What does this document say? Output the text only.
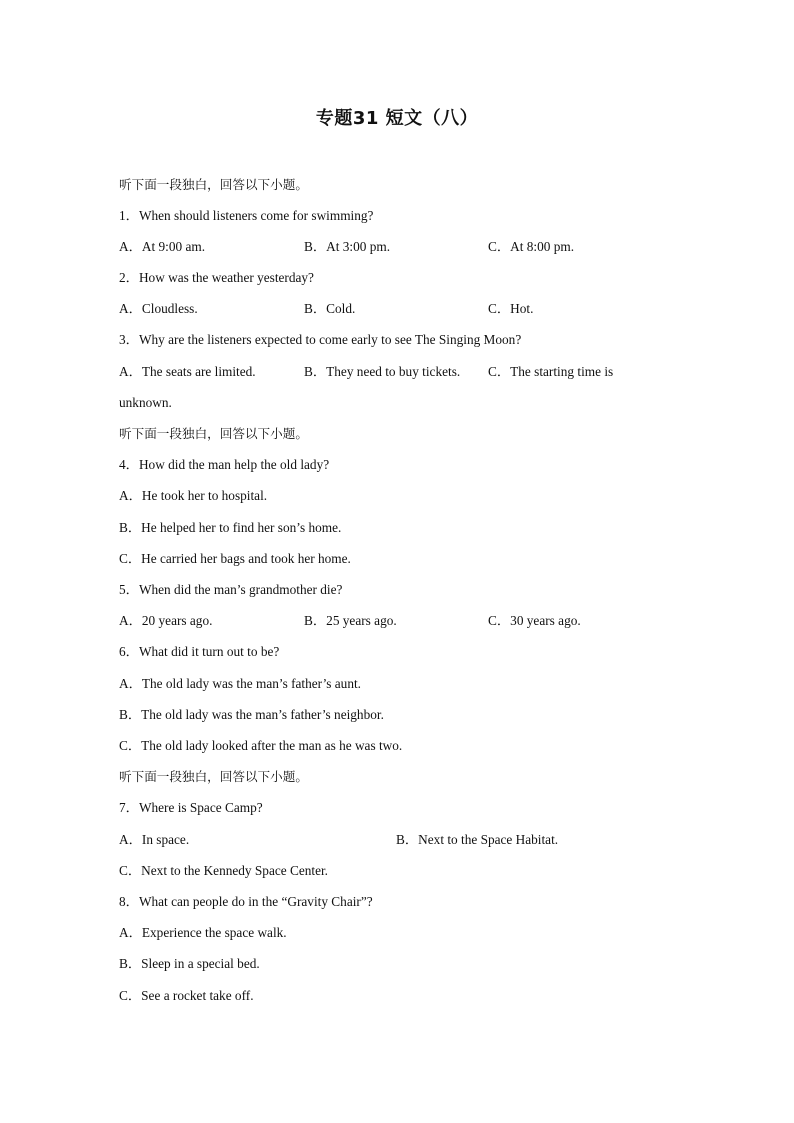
专题31 短文（八）
听下面一段独白，回答以下小题。
1．When should listeners come for swimming?
A．At 9:00 am.	B．At 3:00 pm.	C．At 8:00 pm.
2．How was the weather yesterday?
A．Cloudless.	B．Cold.	C．Hot.
3．Why are the listeners expected to come early to see The Singing Moon?
A．The seats are limited.	B．They need to buy tickets. C．The starting time is
unknown.
听下面一段独白，回答以下小题。
4．How did the man help the old lady?
A．He took her to hospital.
B．He helped her to find her son’s home.
C．He carried her bags and took her home.
5．When did the man’s grandmother die?
A．20 years ago.	B．25 years ago.	C．30 years ago.
6．What did it turn out to be?
A．The old lady was the man’s father’s aunt.
B．The old lady was the man’s father’s neighbor.
C．The old lady looked after the man as he was two.
听下面一段独白，回答以下小题。
7．Where is Space Camp?
A．In space.	B．Next to the Space Habitat.
C．Next to the Kennedy Space Center.
8．What can people do in the “Gravity Chair”?
A．Experience the space walk.
B．Sleep in a special bed.
C．See a rocket take off.
